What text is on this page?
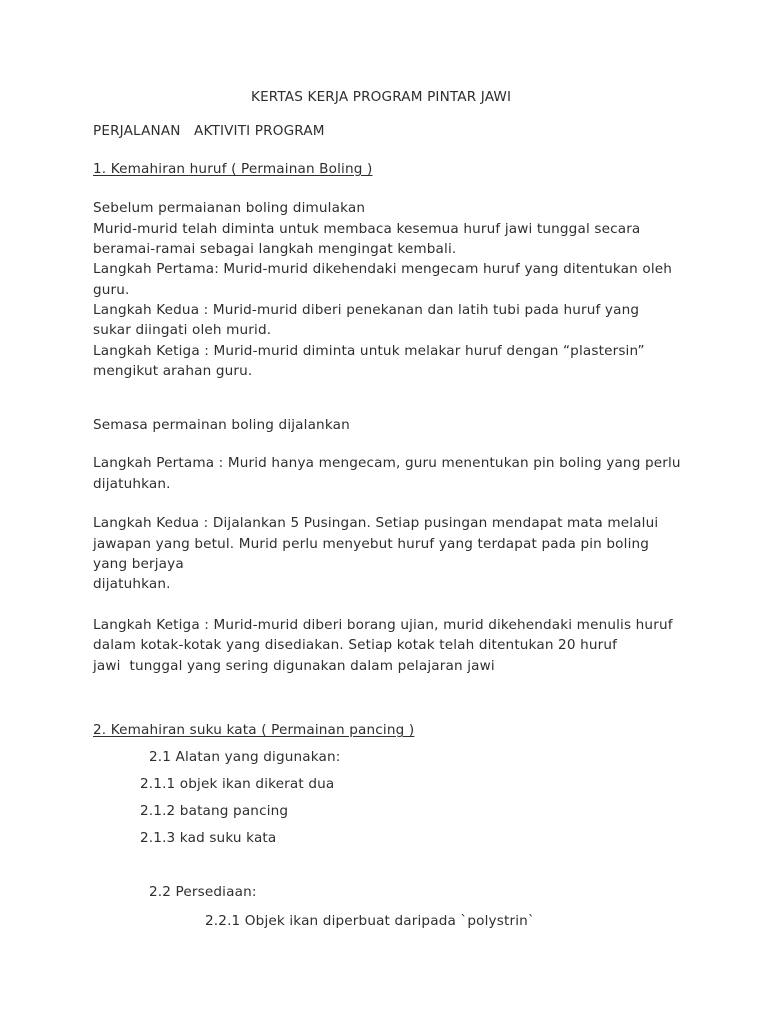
KERTAS KERJA PROGRAM PINTAR JAWI
PERJALANAN   AKTIVITI PROGRAM
1. Kemahiran huruf ( Permainan Boling )
Sebelum permaianan boling dimulakan
Murid-murid telah diminta untuk membaca kesemua huruf jawi tunggal secara
beramai-ramai sebagai langkah mengingat kembali.
Langkah Pertama: Murid-murid dikehendaki mengecam huruf yang ditentukan oleh
guru.
Langkah Kedua : Murid-murid diberi penekanan dan latih tubi pada huruf yang
sukar diingati oleh murid.
Langkah Ketiga : Murid-murid diminta untuk melakar huruf dengan “plastersin”
mengikut arahan guru.
Semasa permainan boling dijalankan
Langkah Pertama : Murid hanya mengecam, guru menentukan pin boling yang perlu
dijatuhkan.
Langkah Kedua : Dijalankan 5 Pusingan. Setiap pusingan mendapat mata melalui
jawapan yang betul. Murid perlu menyebut huruf yang terdapat pada pin boling
yang berjaya
dijatuhkan.
Langkah Ketiga : Murid-murid diberi borang ujian, murid dikehendaki menulis huruf
dalam kotak-kotak yang disediakan. Setiap kotak telah ditentukan 20 huruf
jawi  tunggal yang sering digunakan dalam pelajaran jawi
2. Kemahiran suku kata ( Permainan pancing )
2.1 Alatan yang digunakan:
2.1.1 objek ikan dikerat dua
2.1.2 batang pancing
2.1.3 kad suku kata
2.2 Persediaan:
2.2.1 Objek ikan diperbuat daripada `polystrin`
